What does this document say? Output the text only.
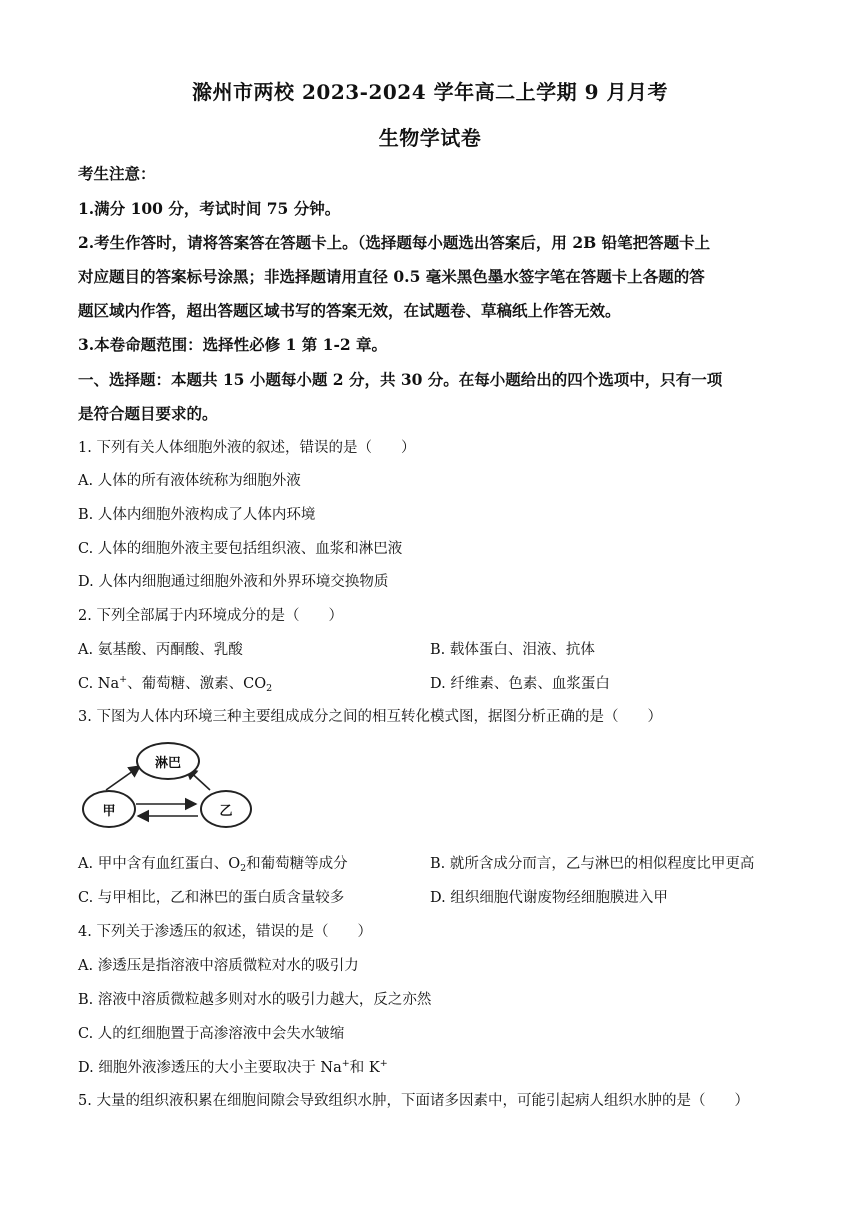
滁州市两校 2023-2024 学年高二上学期 9 月月考
生物学试卷
考生注意：
1.满分 100 分，考试时间 75 分钟。
2.考生作答时，请将答案答在答题卡上。（选择题每小题选出答案后，用 2B 铅笔把答题卡上
对应题目的答案标号涂黑；非选择题请用直径 0.5 毫米黑色墨水签字笔在答题卡上各题的答
题区域内作答，超出答题区域书写的答案无效，在试题卷、草稿纸上作答无效。
3.本卷命题范围：选择性必修 1 第 1-2 章。
一、选择题：本题共 15 小题每小题 2 分，共 30 分。在每小题给出的四个选项中，只有一项
是符合题目要求的。
1. 下列有关人体细胞外液的叙述，错误的是（　　）
A. 人体的所有液体统称为细胞外液
B. 人体内细胞外液构成了人体内环境
C. 人体的细胞外液主要包括组织液、血浆和淋巴液
D. 人体内细胞通过细胞外液和外界环境交换物质
2. 下列全部属于内环境成分的是（　　）
A. 氨基酸、丙酮酸、乳酸	B. 载体蛋白、泪液、抗体
C. Na+、葡萄糖、激素、$CO_2$	D. 纤维素、色素、血浆蛋白
3. 下图为人体内环境三种主要组成成分之间的相互转化模式图，据图分析正确的是（　　）
淋巴
甲	乙
A. 甲中含有血红蛋白、$O_2$和葡萄糖等成分	B. 就所含成分而言，乙与淋巴的相似程度比甲更高
C. 与甲相比，乙和淋巴的蛋白质含量较多	D. 组织细胞代谢废物经细胞膜进入甲
4. 下列关于渗透压的叙述，错误的是（　　）
A. 渗透压是指溶液中溶质微粒对水的吸引力
B. 溶液中溶质微粒越多则对水的吸引力越大，反之亦然
C. 人的红细胞置于高渗溶液中会失水皱缩
D. 细胞外液渗透压的大小主要取决于 Na+和 K+
5. 大量的组织液积累在细胞间隙会导致组织水肿，下面诸多因素中，可能引起病人组织水肿的是（　　）
